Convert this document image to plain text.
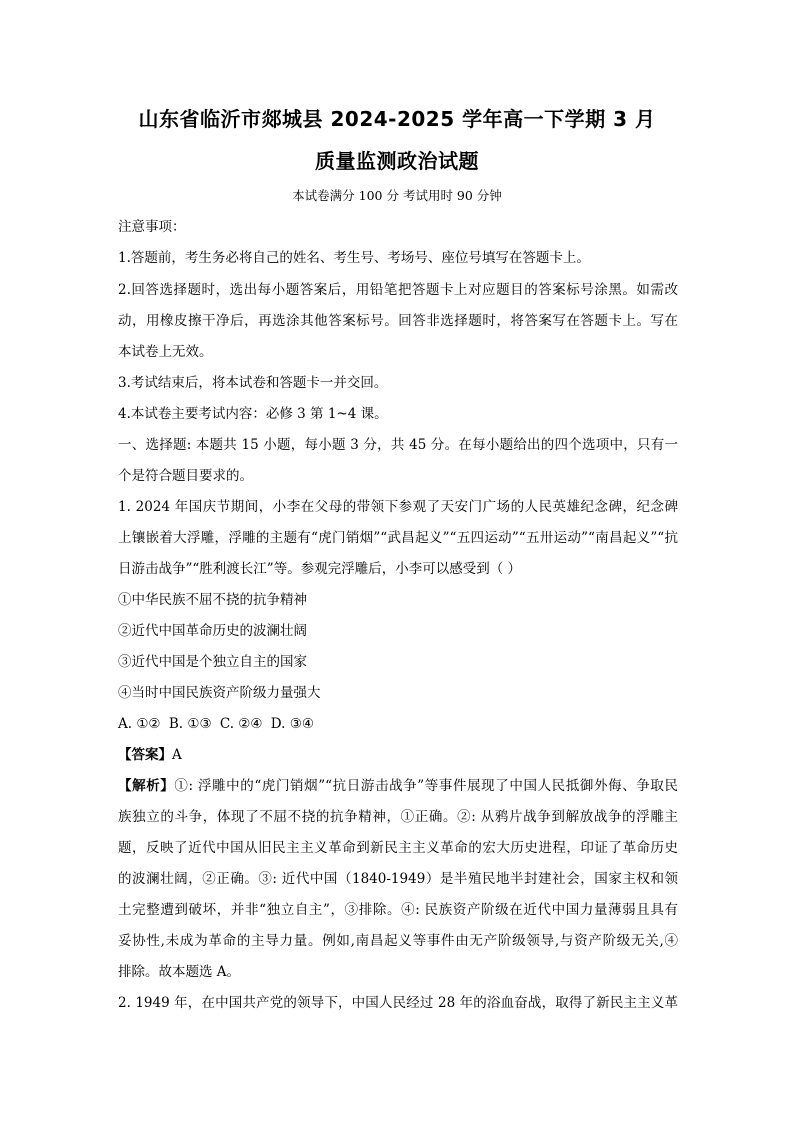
山东省临沂市郯城县 2024-2025 学年高一下学期 3 月
质量监测政治试题
本试卷满分 100 分 考试用时 90 分钟
注意事项：
1.答题前，考生务必将自己的姓名、考生号、考场号、座位号填写在答题卡上。
2.回答选择题时，选出每小题答案后，用铅笔把答题卡上对应题目的答案标号涂黑。如需改
动，用橡皮擦干净后，再选涂其他答案标号。回答非选择题时，将答案写在答题卡上。写在
本试卷上无效。
3.考试结束后，将本试卷和答题卡一并交回。
4.本试卷主要考试内容：必修 3 第 1~4 课。
一、选择题: 本题共 15 小题，每小题 3 分，共 45 分。在每小题给出的四个选项中，只有一
个是符合题目要求的。
1. 2024 年国庆节期间，小李在父母的带领下参观了天安门广场的人民英雄纪念碑，纪念碑
上镶嵌着大浮雕，浮雕的主题有“虎门销烟”“武昌起义”“五四运动”“五卅运动”“南昌起义”“抗
日游击战争”“胜利渡长江”等。参观完浮雕后，小李可以感受到（ ）
①中华民族不屈不挠的抗争精神
②近代中国革命历史的波澜壮阔
③近代中国是个独立自主的国家
④当时中国民族资产阶级力量强大
A. ①② B. ①③ C. ②④ D. ③④
【答案】A
【解析】①: 浮雕中的“虎门销烟”“抗日游击战争”等事件展现了中国人民抵御外侮、争取民
族独立的斗争，体现了不屈不挠的抗争精神，①正确。②: 从鸦片战争到解放战争的浮雕主
题，反映了近代中国从旧民主主义革命到新民主主义革命的宏大历史进程，印证了革命历史
的波澜壮阔，②正确。③: 近代中国（1840-1949）是半殖民地半封建社会，国家主权和领
土完整遭到破坏，并非“独立自主”，③排除。④: 民族资产阶级在近代中国力量薄弱且具有
妥协性,未成为革命的主导力量。例如,南昌起义等事件由无产阶级领导,与资产阶级无关,④
排除。故本题选 A。
2. 1949 年，在中国共产党的领导下，中国人民经过 28 年的浴血奋战，取得了新民主主义革
